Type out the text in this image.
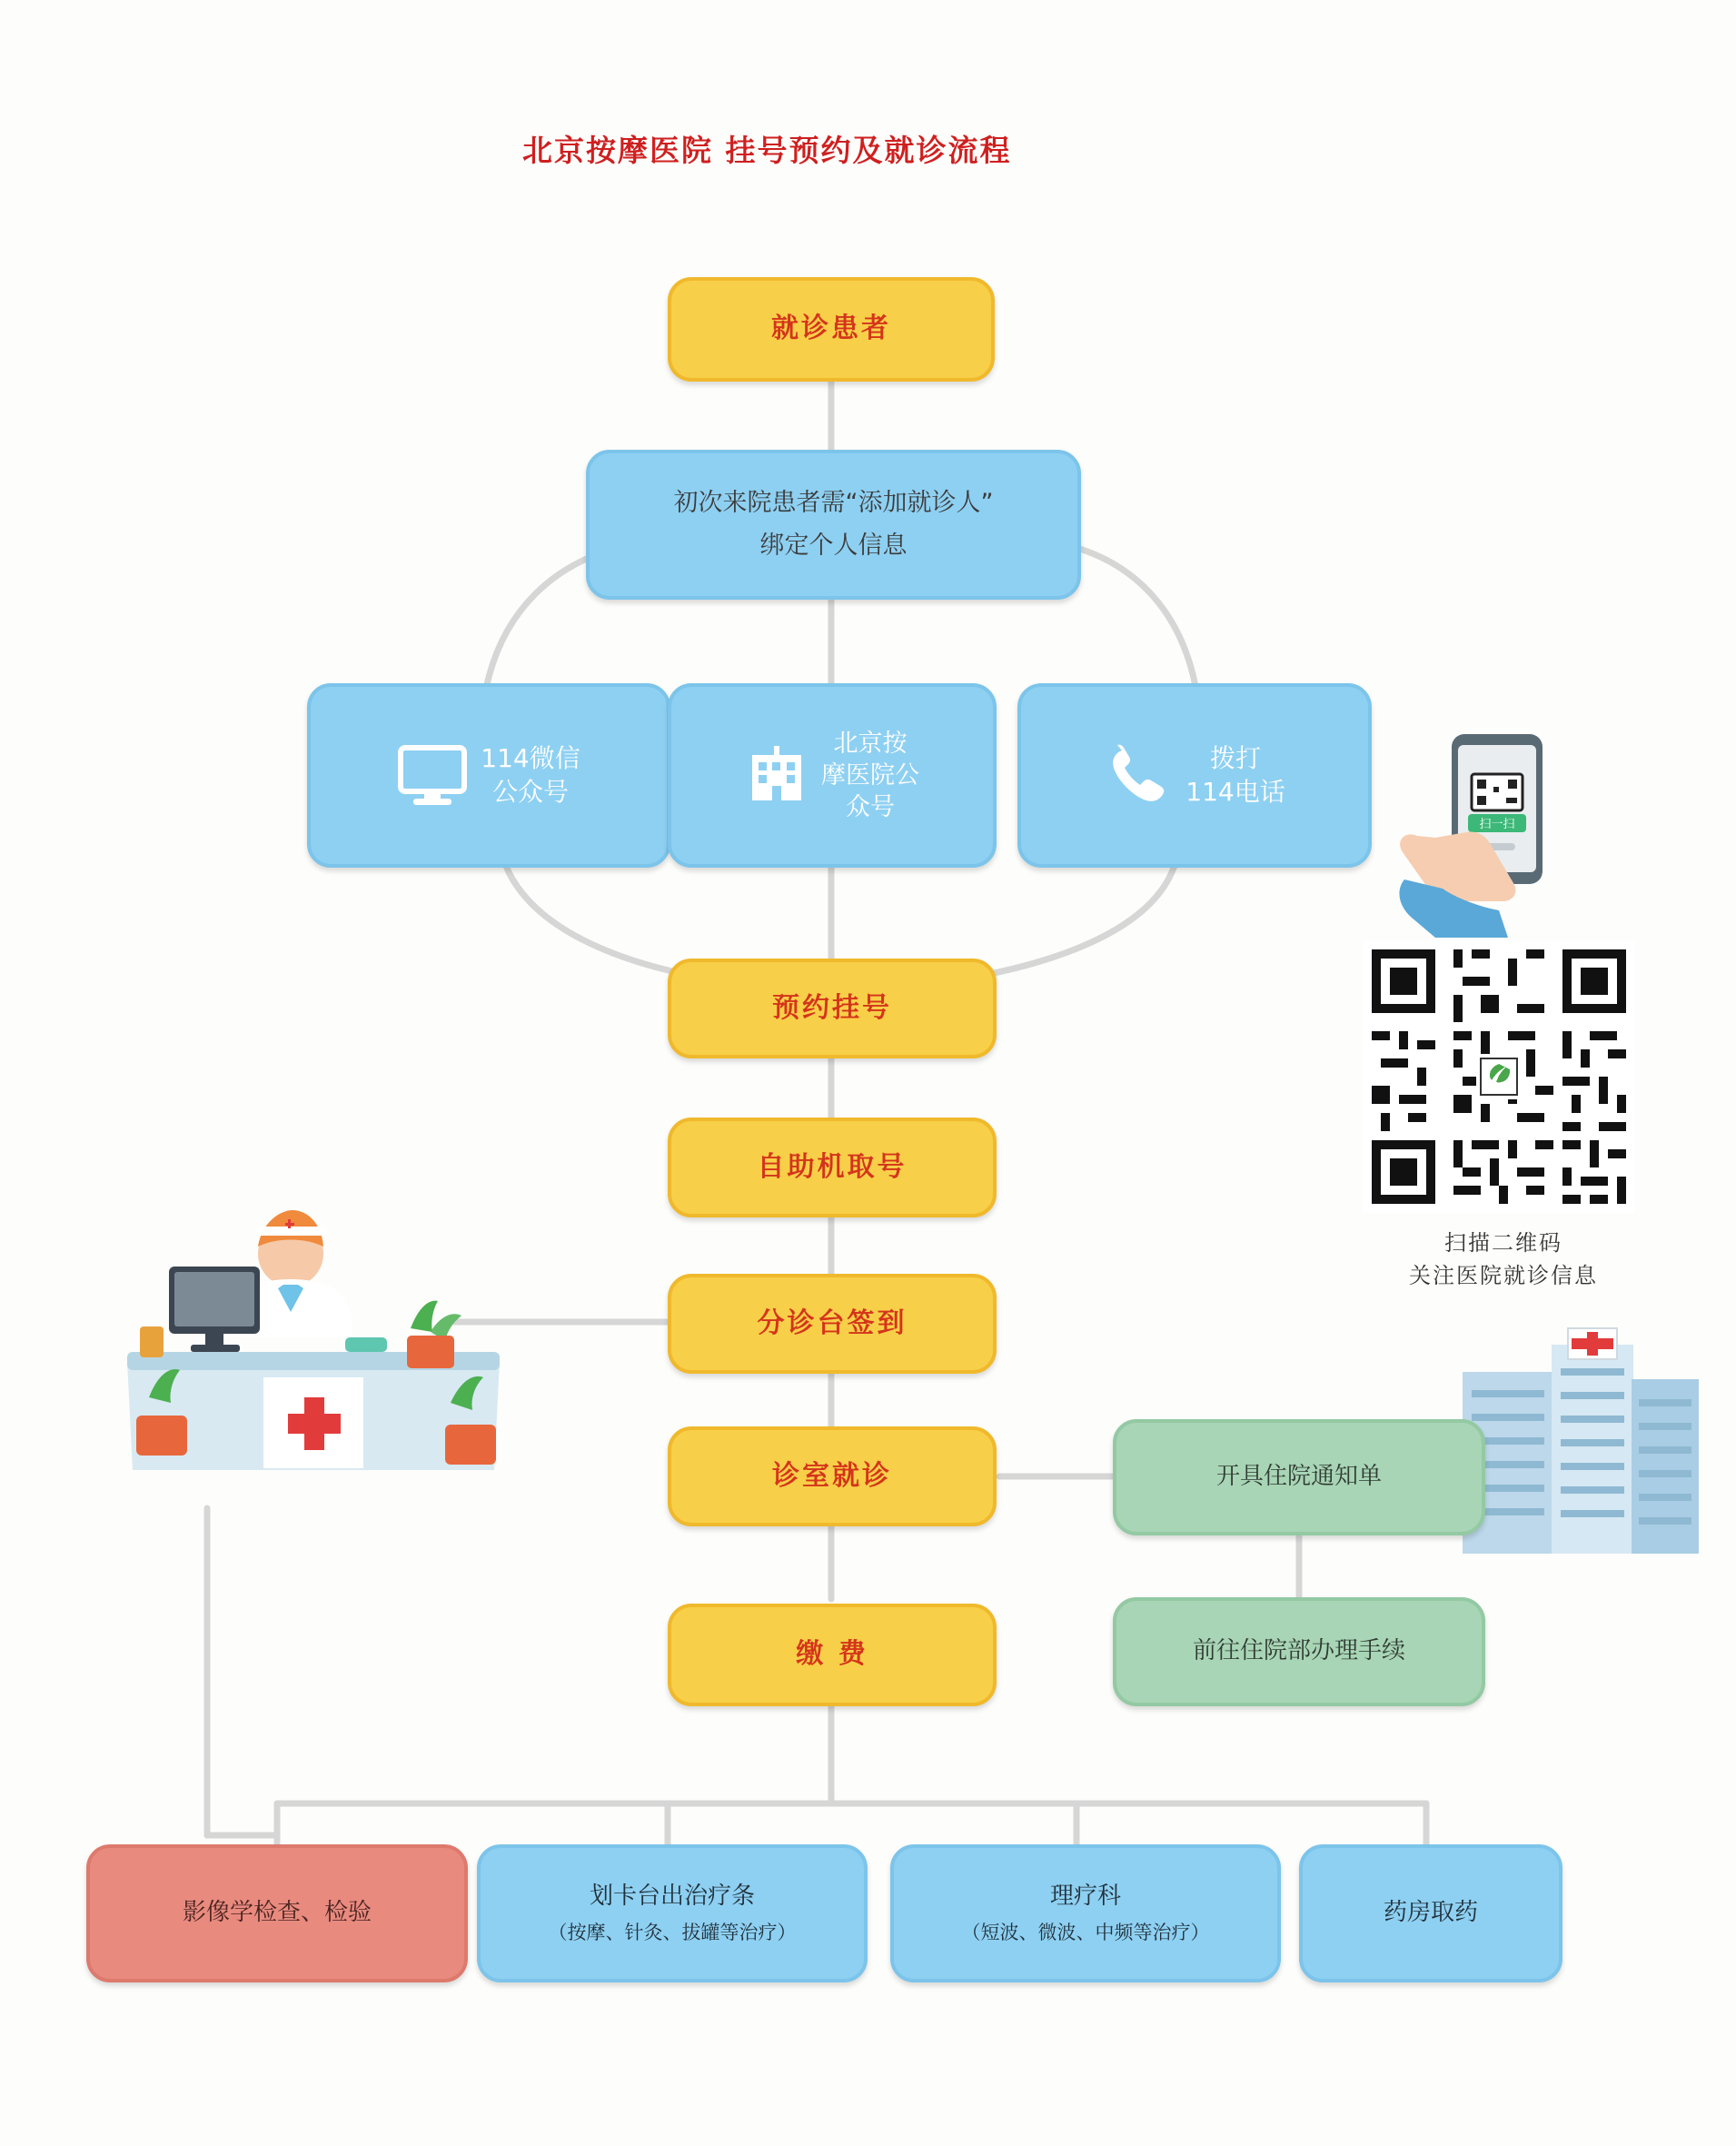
北京按摩医院 挂号预约及就诊流程
就诊患者
初次来院患者需“添加就诊人”
绑定个人信息
114微信
公众号
北京按
摩医院公
众号
拨打
114电话
预约挂号
自助机取号
分诊台签到
诊室就诊
缴 费
开具住院通知单
前往住院部办理手续
影像学检查、检验
划卡台出治疗条
（按摩、针灸、拔罐等治疗）
理疗科
（短波、微波、中频等治疗）
药房取药
扫一扫
扫描二维码
关注医院就诊信息
